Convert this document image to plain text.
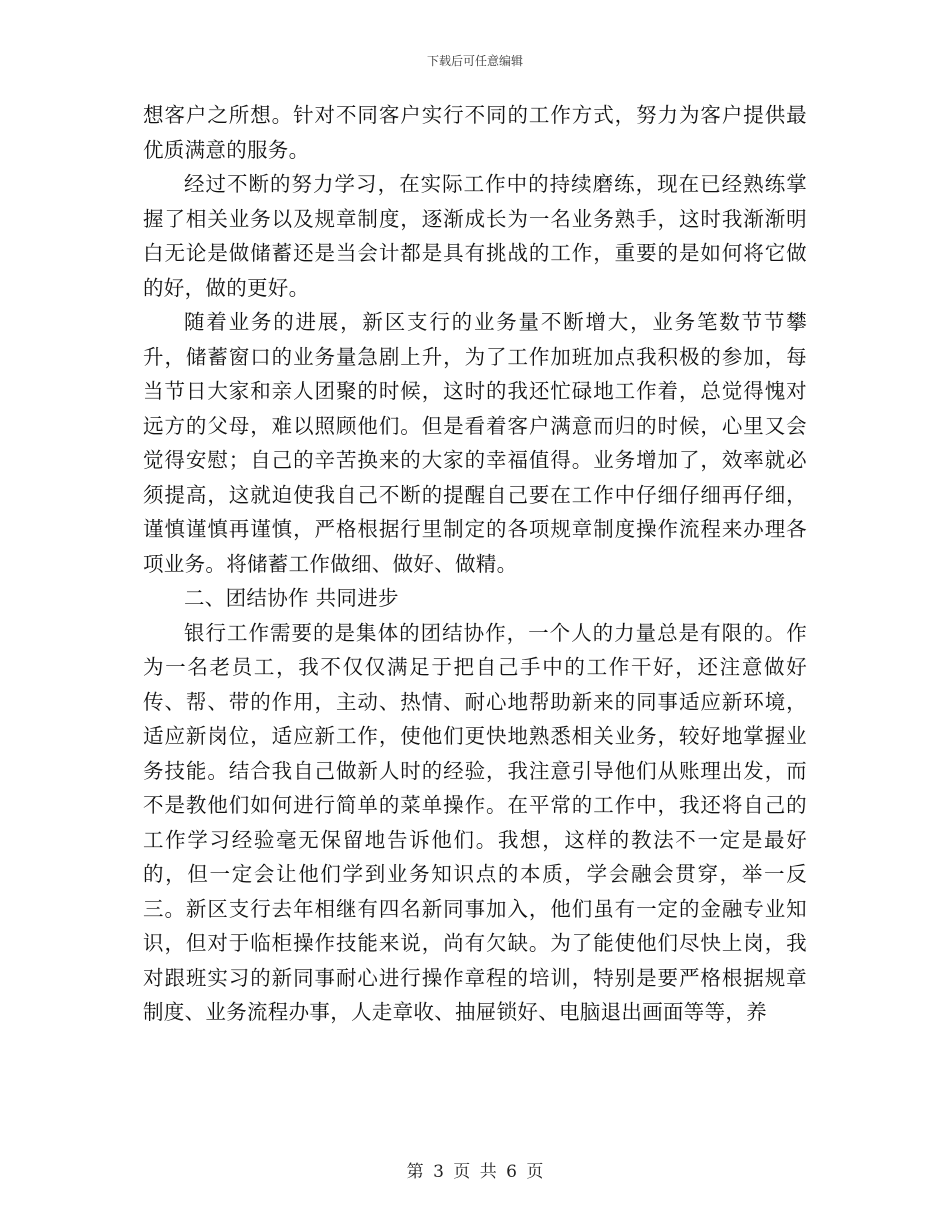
下载后可任意编辑

想客户之所想。针对不同客户实行不同的工作方式，努力为客户提供最优质满意的服务。

经过不断的努力学习，在实际工作中的持续磨练，现在已经熟练掌握了相关业务以及规章制度，逐渐成长为一名业务熟手，这时我渐渐明白无论是做储蓄还是当会计都是具有挑战的工作，重要的是如何将它做的好，做的更好。

随着业务的进展，新区支行的业务量不断增大，业务笔数节节攀升，储蓄窗口的业务量急剧上升，为了工作加班加点我积极的参加，每当节日大家和亲人团聚的时候，这时的我还忙碌地工作着，总觉得愧对远方的父母，难以照顾他们。但是看着客户满意而归的时候，心里又会觉得安慰；自己的辛苦换来的大家的幸福值得。业务增加了，效率就必须提高，这就迫使我自己不断的提醒自己要在工作中仔细仔细再仔细，谨慎谨慎再谨慎，严格根据行里制定的各项规章制度操作流程来办理各项业务。将储蓄工作做细、做好、做精。

二、团结协作 共同进步

银行工作需要的是集体的团结协作，一个人的力量总是有限的。作为一名老员工，我不仅仅满足于把自己手中的工作干好，还注意做好传、帮、带的作用，主动、热情、耐心地帮助新来的同事适应新环境，适应新岗位，适应新工作，使他们更快地熟悉相关业务，较好地掌握业务技能。结合我自己做新人时的经验，我注意引导他们从账理出发，而不是教他们如何进行简单的菜单操作。在平常的工作中，我还将自己的工作学习经验毫无保留地告诉他们。我想，这样的教法不一定是最好的，但一定会让他们学到业务知识点的本质，学会融会贯穿，举一反三。新区支行去年相继有四名新同事加入，他们虽有一定的金融专业知识，但对于临柜操作技能来说，尚有欠缺。为了能使他们尽快上岗，我对跟班实习的新同事耐心进行操作章程的培训，特别是要严格根据规章制度、业务流程办事，人走章收、抽屉锁好、电脑退出画面等等，养

第 3 页 共 6 页
